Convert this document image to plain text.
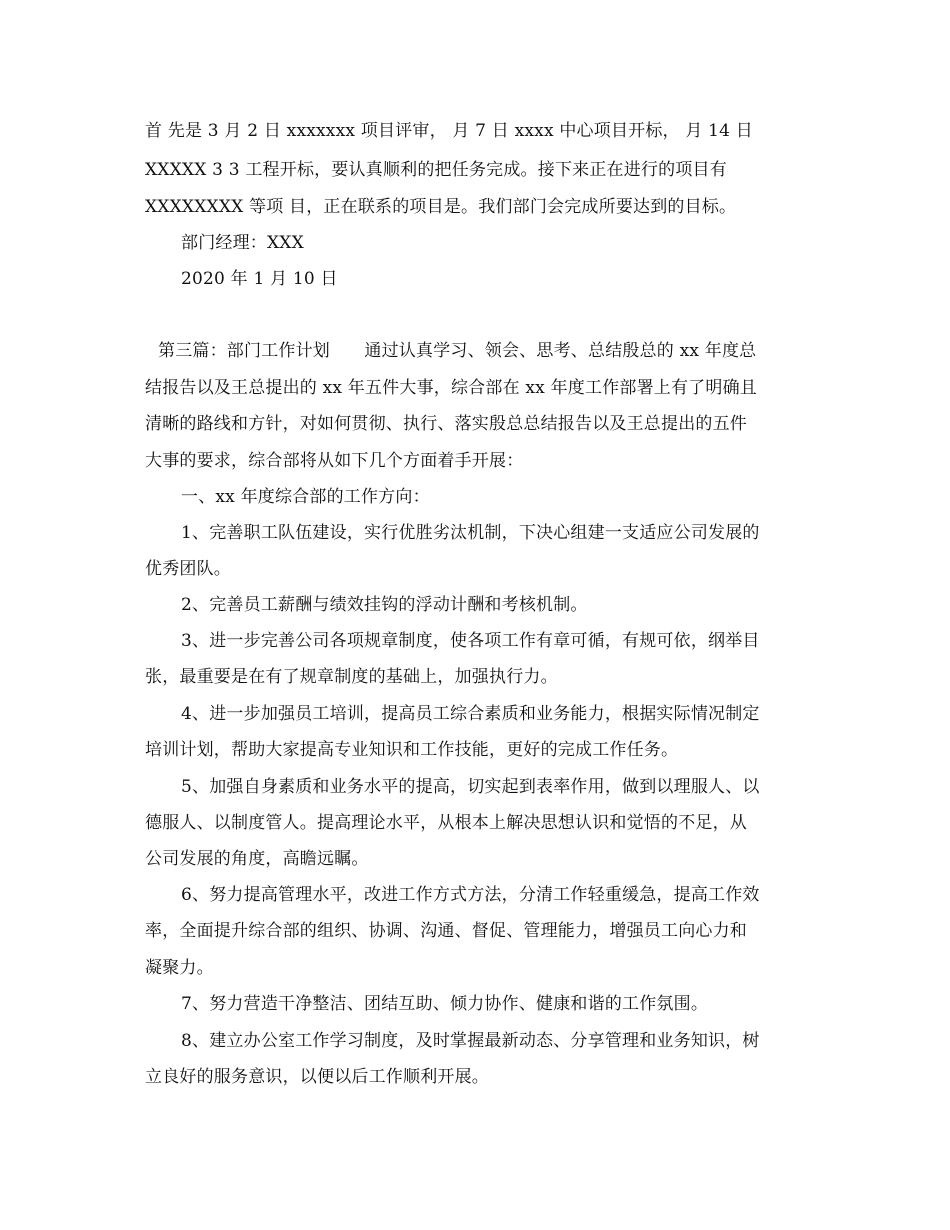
首 先是 3 月 2 日 xxxxxxx 项目评审， 月 7 日 xxxx 中心项目开标， 月 14 日
XXXXX 3 3 工程开标，要认真顺利的把任务完成。接下来正在进行的项目有
XXXXXXXX 等项 目，正在联系的项目是。我们部门会完成所要达到的目标。
部门经理：XXX
2020 年 1 月 10 日
第三篇：部门工作计划　　通过认真学习、领会、思考、总结殷总的 xx 年度总
结报告以及王总提出的 xx 年五件大事，综合部在 xx 年度工作部署上有了明确且
清晰的路线和方针，对如何贯彻、执行、落实殷总总结报告以及王总提出的五件
大事的要求，综合部将从如下几个方面着手开展：
一、xx 年度综合部的工作方向：
1、完善职工队伍建设，实行优胜劣汰机制，下决心组建一支适应公司发展的
优秀团队。
2、完善员工薪酬与绩效挂钩的浮动计酬和考核机制。
3、进一步完善公司各项规章制度，使各项工作有章可循，有规可依，纲举目
张，最重要是在有了规章制度的基础上，加强执行力。
4、进一步加强员工培训，提高员工综合素质和业务能力，根据实际情况制定
培训计划，帮助大家提高专业知识和工作技能，更好的完成工作任务。
5、加强自身素质和业务水平的提高，切实起到表率作用，做到以理服人、以
德服人、以制度管人。提高理论水平，从根本上解决思想认识和觉悟的不足，从
公司发展的角度，高瞻远瞩。
6、努力提高管理水平，改进工作方式方法，分清工作轻重缓急，提高工作效
率，全面提升综合部的组织、协调、沟通、督促、管理能力，增强员工向心力和
凝聚力。
7、努力营造干净整洁、团结互助、倾力协作、健康和谐的工作氛围。
8、建立办公室工作学习制度，及时掌握最新动态、分享管理和业务知识，树
立良好的服务意识，以便以后工作顺利开展。
